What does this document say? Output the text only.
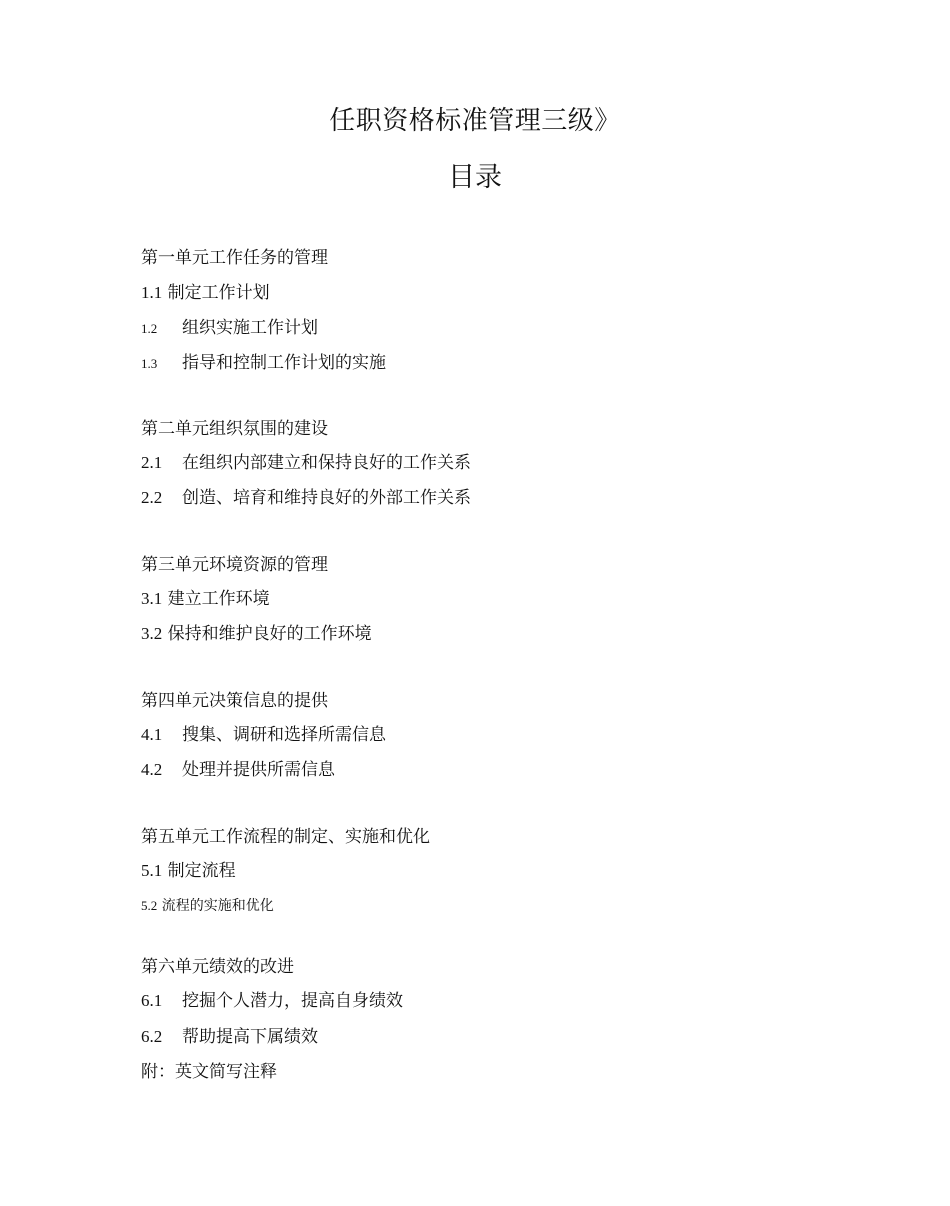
任职资格标准管理三级》
目录
第一单元工作任务的管理
1.1 制定工作计划
1.2 组织实施工作计划
1.3 指导和控制工作计划的实施
第二单元组织氛围的建设
2.1 在组织内部建立和保持良好的工作关系
2.2 创造、培育和维持良好的外部工作关系
第三单元环境资源的管理
3.1 建立工作环境
3.2 保持和维护良好的工作环境
第四单元决策信息的提供
4.1 搜集、调研和选择所需信息
4.2 处理并提供所需信息
第五单元工作流程的制定、实施和优化
5.1 制定流程
5.2 流程的实施和优化
第六单元绩效的改进
6.1 挖掘个人潜力，提高自身绩效
6.2 帮助提高下属绩效
附：英文简写注释
